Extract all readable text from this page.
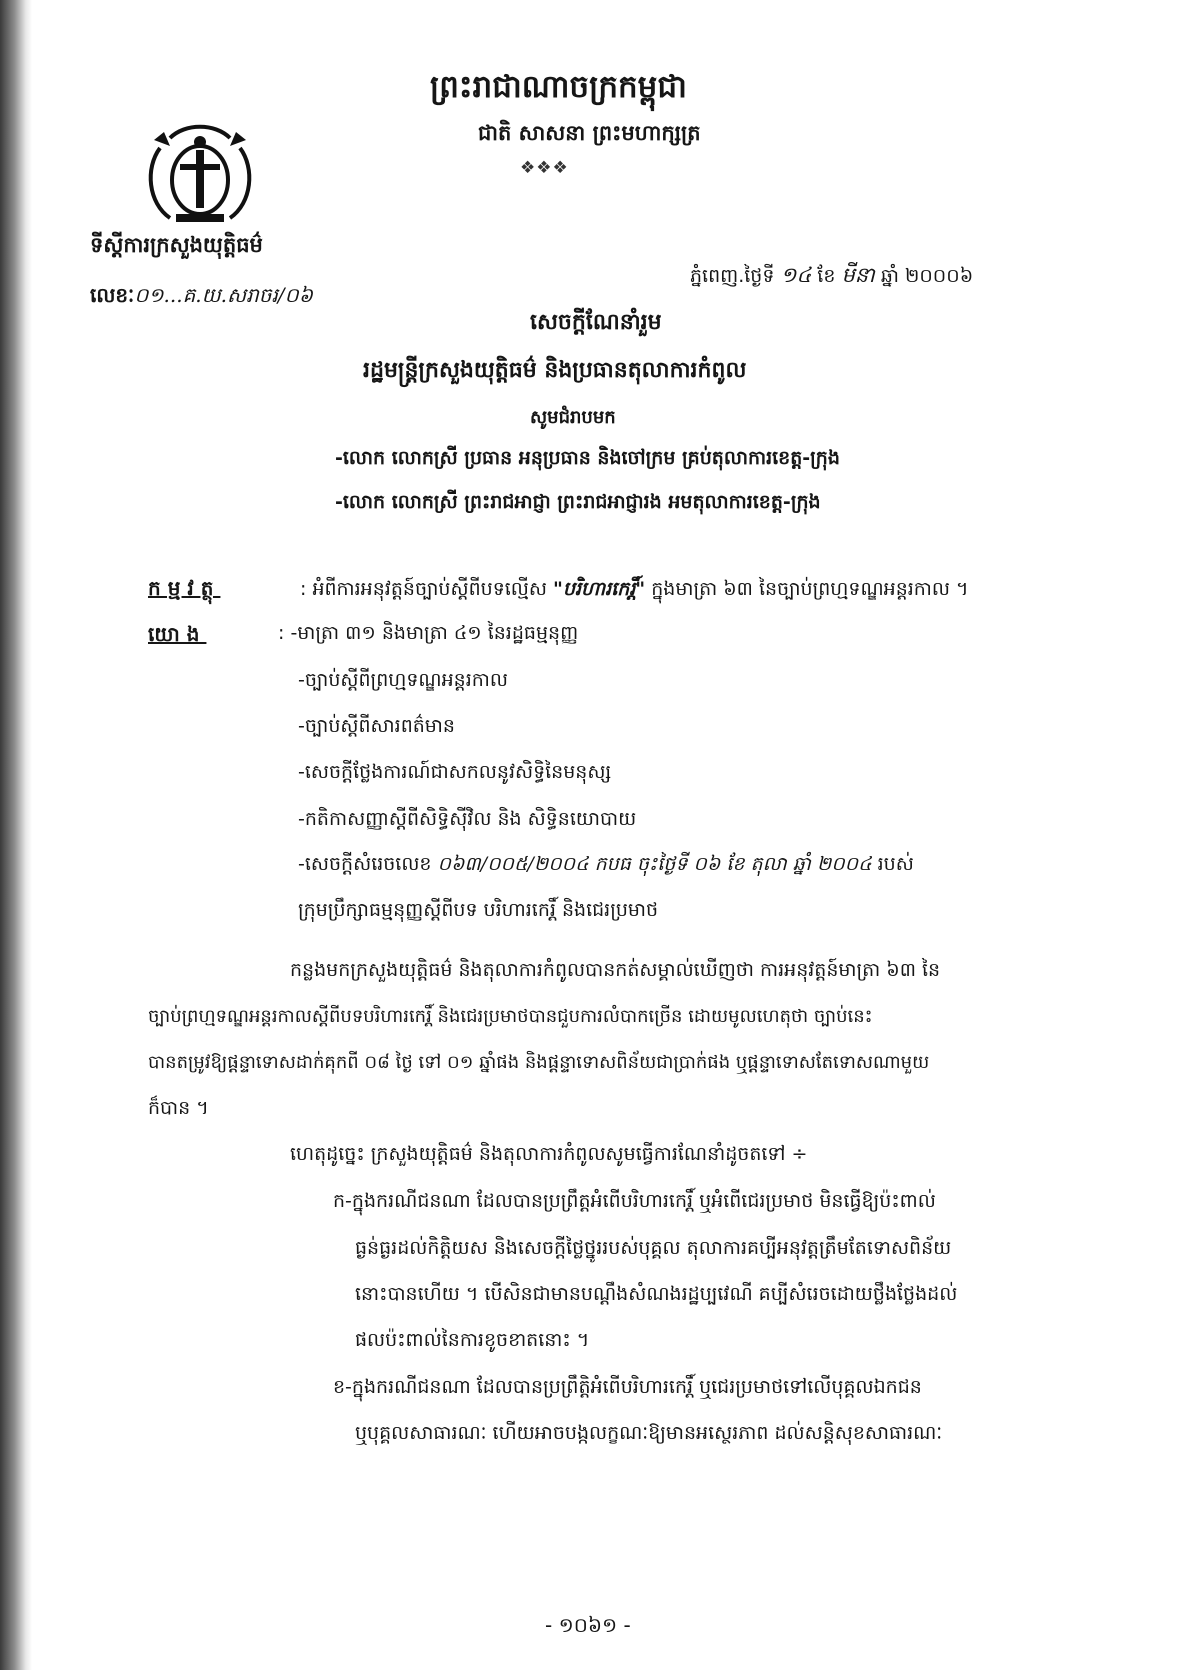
ព្រះរាជាណាចក្រកម្ពុជា
ជាតិ សាសនា ព្រះមហាក្សត្រ
❖❖❖
ទីស្តីការក្រសួងយុត្តិធម៌
លេខៈ០១...គ.យ.សរាចរ/០៦
ភ្នំពេញ.ថ្ងៃទី ១៤ ខែ មីនា ឆ្នាំ ២០០០៦
សេចក្តីណែនាំរួម
រដ្ឋមន្ត្រីក្រសួងយុត្តិធម៌ និងប្រធានតុលាការកំពូល
សូមជំរាបមក
-លោក លោកស្រី ប្រធាន អនុប្រធាន និងចៅក្រម គ្រប់តុលាការខេត្ត-ក្រុង
-លោក លោកស្រី ព្រះរាជអាជ្ញា ព្រះរាជអាជ្ញារង អមតុលាការខេត្ត-ក្រុង
កម្មវត្ថុ	: អំពីការអនុវត្តន៍ច្បាប់ស្តីពីបទល្មើស "បរិហារកេរ្តិ៍" ក្នុងមាត្រា ៦៣ នៃច្បាប់ព្រហ្មទណ្ឌអន្តរកាល ។
យោង	: -មាត្រា ៣១ និងមាត្រា ៤១ នៃរដ្ឋធម្មនុញ្ញ
-ច្បាប់ស្តីពីព្រហ្មទណ្ឌអន្តរកាល
-ច្បាប់ស្តីពីសារពត៌មាន
-សេចក្តីថ្លែងការណ៍ជាសកលនូវសិទ្ធិនៃមនុស្ស
-កតិកាសញ្ញាស្តីពីសិទ្ធិស៊ីវិល និង សិទ្ធិនយោបាយ
-សេចក្តីសំរេចលេខ ០៦៣/០០៥/២០០៤ កបធ ចុះថ្ងៃទី ០៦ ខែ តុលា ឆ្នាំ ២០០៤ របស់
ក្រុមប្រឹក្សាធម្មនុញ្ញស្តីពីបទ បរិហារកេរ្តិ៍ និងជេរប្រមាថ
កន្លងមកក្រសួងយុត្តិធម៌ និងតុលាការកំពូលបានកត់សម្គាល់ឃើញថា ការអនុវត្តន៍មាត្រា ៦៣ នៃ
ច្បាប់ព្រហ្មទណ្ឌអន្តរកាលស្តីពីបទបរិហារកេរ្តិ៍ និងជេរប្រមាថបានជួបការលំបាកច្រើន ដោយមូលហេតុថា ច្បាប់នេះ
បានតម្រូវឱ្យផ្តន្ទាទោសដាក់គុកពី ០៨ ថ្ងៃ ទៅ ០១ ឆ្នាំផង និងផ្តន្ទាទោសពិន័យជាប្រាក់ផង ឬផ្តន្ទាទោសតែទោសណាមួយ
ក៏បាន ។
ហេតុដូច្នេះ ក្រសួងយុត្តិធម៌ និងតុលាការកំពូលសូមធ្វើការណែនាំដូចតទៅ ÷
ក-ក្នុងករណីជនណា ដែលបានប្រព្រឹត្តអំពើបរិហារកេរ្តិ៍ ឬអំពើជេរប្រមាថ មិនធ្វើឱ្យប៉ះពាល់
ធ្ងន់ធ្ងរដល់កិត្តិយស និងសេចក្តីថ្លៃថ្នូររបស់បុគ្គល តុលាការគប្បីអនុវត្តត្រឹមតែទោសពិន័យ
នោះបានហើយ ។ បើសិនជាមានបណ្តឹងសំណងរដ្ឋប្បវេណី គប្បីសំរេចដោយថ្លឹងថ្លែងដល់
ផលប៉ះពាល់នៃការខូចខាតនោះ ។
ខ-ក្នុងករណីជនណា ដែលបានប្រព្រឹត្តិអំពើបរិហារកេរ្តិ៍ ឬជេរប្រមាថទៅលើបុគ្គលឯកជន
ឬបុគ្គលសាធារណៈ ហើយអាចបង្កលក្ខណៈឱ្យមានអស្ថេរភាព ដល់សន្តិសុខសាធារណៈ
- ១០៦១ -
